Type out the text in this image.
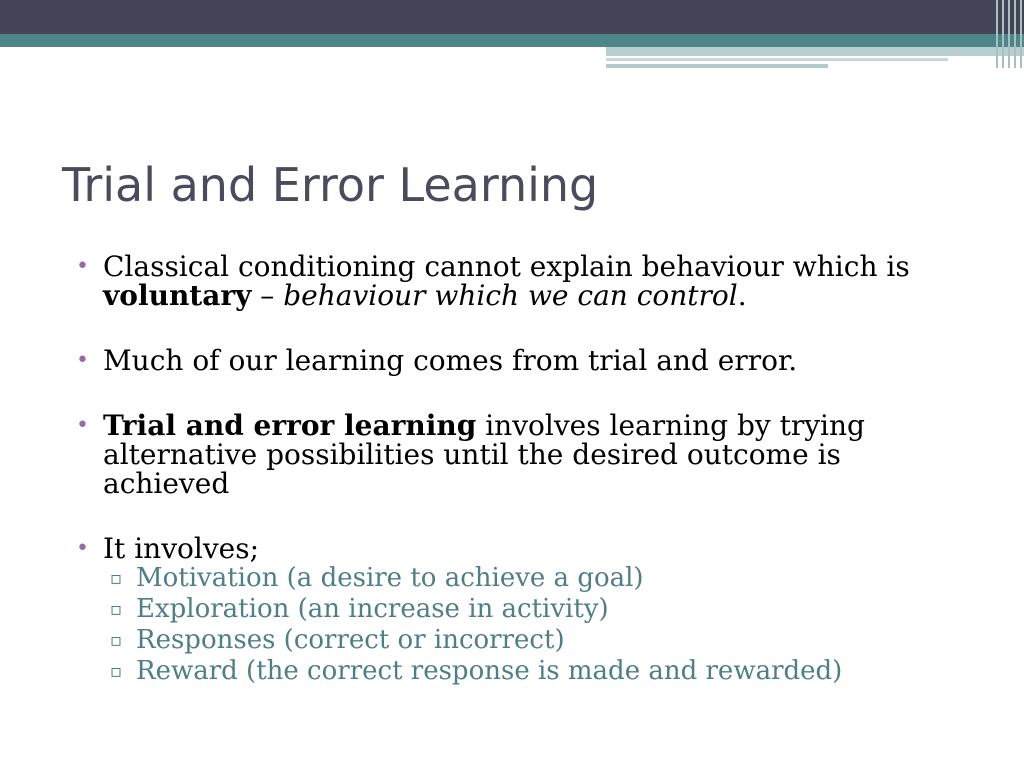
Trial and Error Learning
• Classical conditioning cannot explain behaviour which is voluntary – behaviour which we can control.
• Much of our learning comes from trial and error.
• Trial and error learning involves learning by trying alternative possibilities until the desired outcome is achieved
• It involves;
▫ Motivation (a desire to achieve a goal)
▫ Exploration (an increase in activity)
▫ Responses (correct or incorrect)
▫ Reward (the correct response is made and rewarded)
